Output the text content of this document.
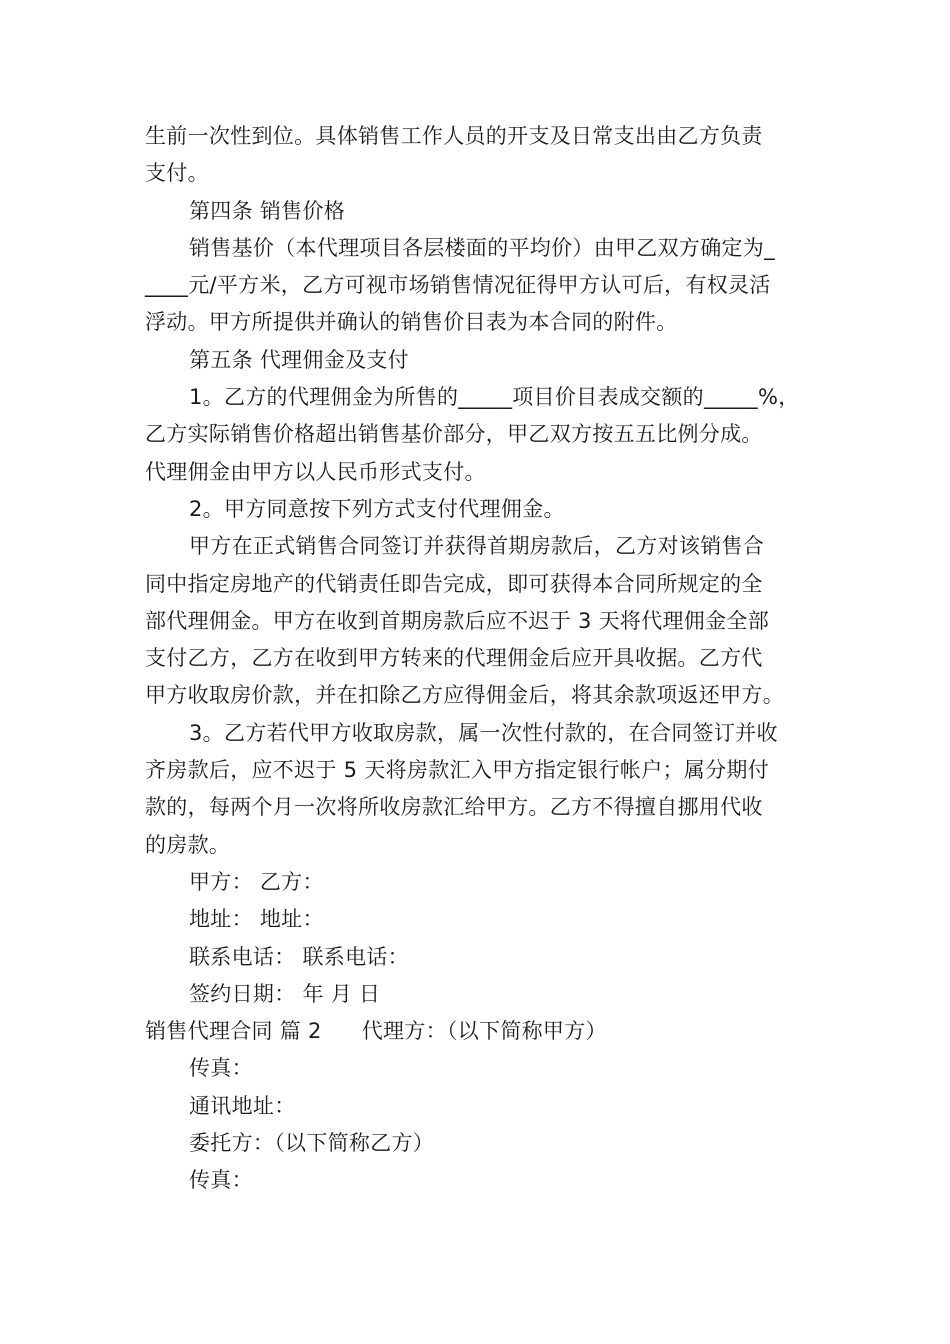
生前一次性到位。具体销售工作人员的开支及日常支出由乙方负责
支付。
第四条 销售价格
销售基价（本代理项目各层楼面的平均价）由甲乙双方确定为_
____元/平方米，乙方可视市场销售情况征得甲方认可后，有权灵活
浮动。甲方所提供并确认的销售价目表为本合同的附件。
第五条 代理佣金及支付
1。乙方的代理佣金为所售的_____项目价目表成交额的_____%，
乙方实际销售价格超出销售基价部分，甲乙双方按五五比例分成。
代理佣金由甲方以人民币形式支付。
2。甲方同意按下列方式支付代理佣金。
甲方在正式销售合同签订并获得首期房款后，乙方对该销售合
同中指定房地产的代销责任即告完成，即可获得本合同所规定的全
部代理佣金。甲方在收到首期房款后应不迟于 3 天将代理佣金全部
支付乙方，乙方在收到甲方转来的代理佣金后应开具收据。乙方代
甲方收取房价款，并在扣除乙方应得佣金后，将其余款项返还甲方。
3。乙方若代甲方收取房款，属一次性付款的，在合同签订并收
齐房款后，应不迟于 5 天将房款汇入甲方指定银行帐户；属分期付
款的，每两个月一次将所收房款汇给甲方。乙方不得擅自挪用代收
的房款。
甲方： 乙方：
地址： 地址：
联系电话： 联系电话：
签约日期： 年 月 日
销售代理合同 篇 2 代理方：（以下简称甲方）
传真：
通讯地址：
委托方：（以下简称乙方）
传真：
